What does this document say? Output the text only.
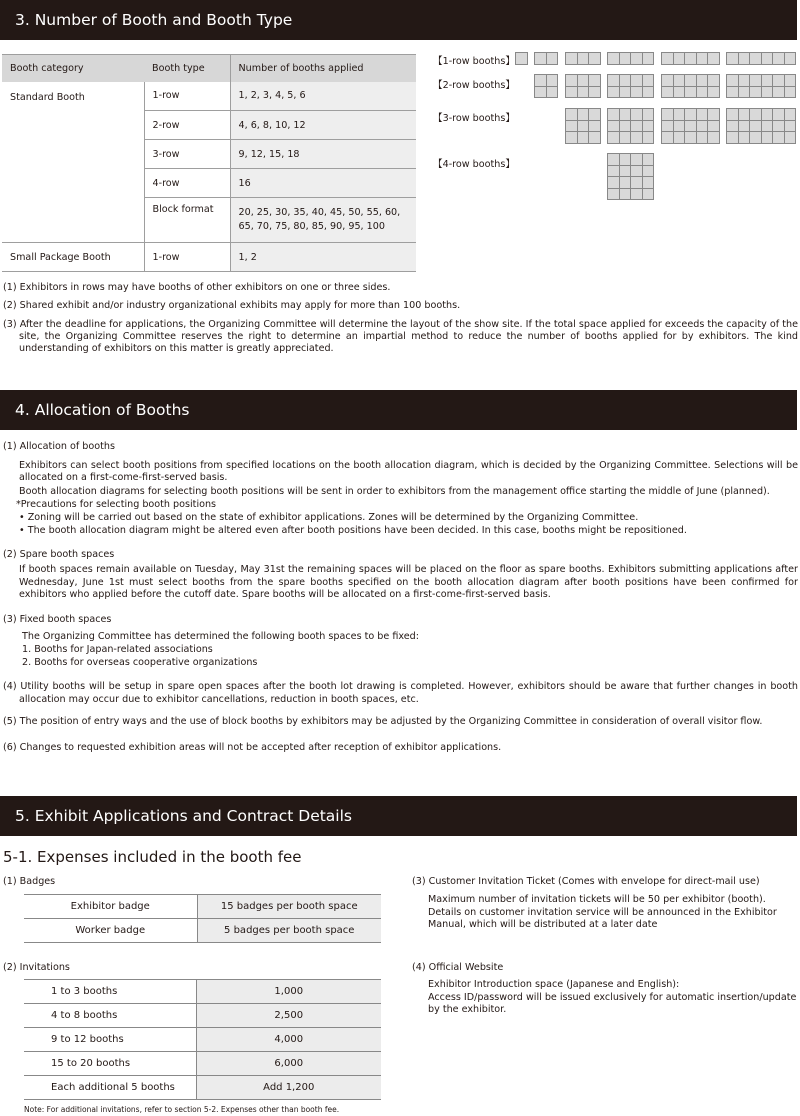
3. Number of Booth and Booth Type
Booth category	Booth type	Number of booths applied
Standard Booth	1-row	1, 2, 3, 4, 5, 6
	2-row	4, 6, 8, 10, 12
	3-row	9, 12, 15, 18
	4-row	16
	Block format	20, 25, 30, 35, 40, 45, 50, 55, 60, 65, 70, 75, 80, 85, 90, 95, 100
Small Package Booth	1-row	1, 2
【1-row booths】
【2-row booths】
【3-row booths】
【4-row booths】
(1) Exhibitors in rows may have booths of other exhibitors on one or three sides.
(2) Shared exhibit and/or industry organizational exhibits may apply for more than 100 booths.
(3) After the deadline for applications, the Organizing Committee will determine the layout of the show site. If the total space applied for exceeds the capacity of the site, the Organizing Committee reserves the right to determine an impartial method to reduce the number of booths applied for by exhibitors. The kind understanding of exhibitors on this matter is greatly appreciated.
4. Allocation of Booths
(1) Allocation of booths
Exhibitors can select booth positions from specified locations on the booth allocation diagram, which is decided by the Organizing Committee. Selections will be allocated on a first-come-first-served basis.
Booth allocation diagrams for selecting booth positions will be sent in order to exhibitors from the management office starting the middle of June (planned).
*Precautions for selecting booth positions
• Zoning will be carried out based on the state of exhibitor applications. Zones will be determined by the Organizing Committee.
• The booth allocation diagram might be altered even after booth positions have been decided. In this case, booths might be repositioned.
(2) Spare booth spaces
If booth spaces remain available on Tuesday, May 31st the remaining spaces will be placed on the floor as spare booths. Exhibitors submitting applications after Wednesday, June 1st must select booths from the spare booths specified on the booth allocation diagram after booth positions have been confirmed for exhibitors who applied before the cutoff date. Spare booths will be allocated on a first-come-first-served basis.
(3) Fixed booth spaces
The Organizing Committee has determined the following booth spaces to be fixed:
1. Booths for Japan-related associations
2. Booths for overseas cooperative organizations
(4) Utility booths will be setup in spare open spaces after the booth lot drawing is completed. However, exhibitors should be aware that further changes in booth allocation may occur due to exhibitor cancellations, reduction in booth spaces, etc.
(5) The position of entry ways and the use of block booths by exhibitors may be adjusted by the Organizing Committee in consideration of overall visitor flow.
(6) Changes to requested exhibition areas will not be accepted after reception of exhibitor applications.
5. Exhibit Applications and Contract Details
5-1. Expenses included in the booth fee
(1) Badges
Exhibitor badge	15 badges per booth space
Worker badge	5 badges per booth space
(2) Invitations
1 to 3 booths	1,000
4 to 8 booths	2,500
9 to 12 booths	4,000
15 to 20 booths	6,000
Each additional 5 booths	Add 1,200
Note: For additional invitations, refer to section 5-2. Expenses other than booth fee.
(3) Customer Invitation Ticket (Comes with envelope for direct-mail use)
Maximum number of invitation tickets will be 50 per exhibitor (booth).
Details on customer invitation service will be announced in the Exhibitor Manual, which will be distributed at a later date
(4) Official Website
Exhibitor Introduction space (Japanese and English):
Access ID/password will be issued exclusively for automatic insertion/update by the exhibitor.
